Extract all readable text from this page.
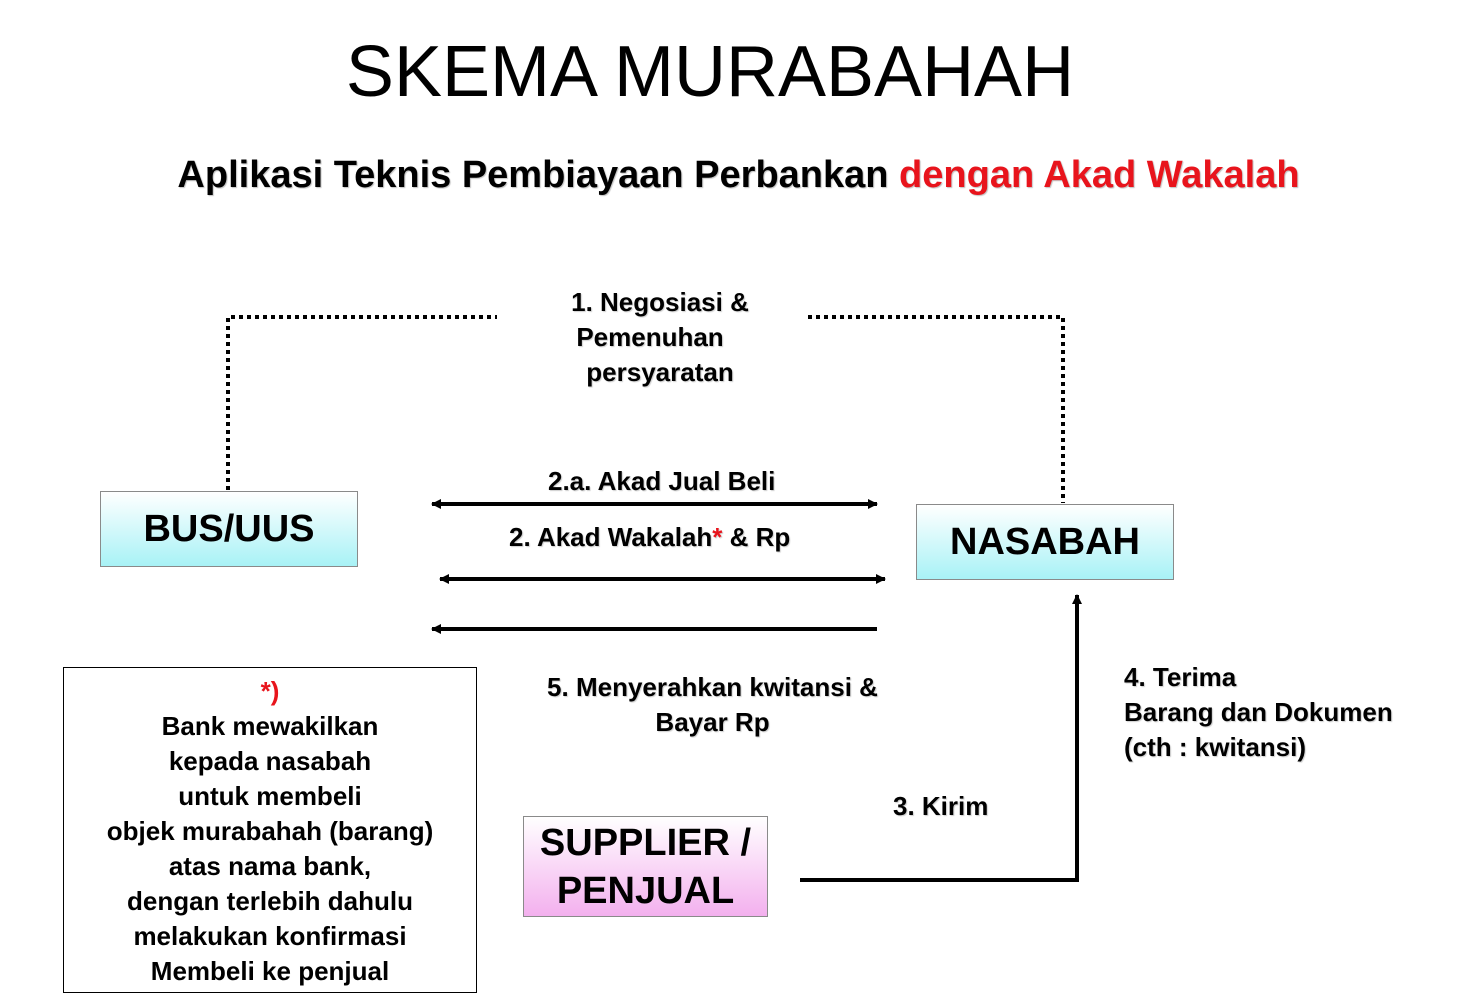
SKEMA MURABAHAH
Aplikasi Teknis Pembiayaan Perbankan dengan Akad Wakalah
1. Negosiasi &
Pemenuhan
persyaratan
2.a. Akad Jual Beli
2. Akad Wakalah* & Rp
BUS/UUS	NASABAH
SUPPLIER /
PENJUAL
5. Menyerahkan kwitansi &
Bayar Rp
4. Terima
Barang dan Dokumen
(cth : kwitansi)
3. Kirim
*)
Bank mewakilkan
kepada nasabah
untuk membeli
objek murabahah (barang)
atas nama bank,
dengan terlebih dahulu
melakukan konfirmasi
Membeli ke penjual
